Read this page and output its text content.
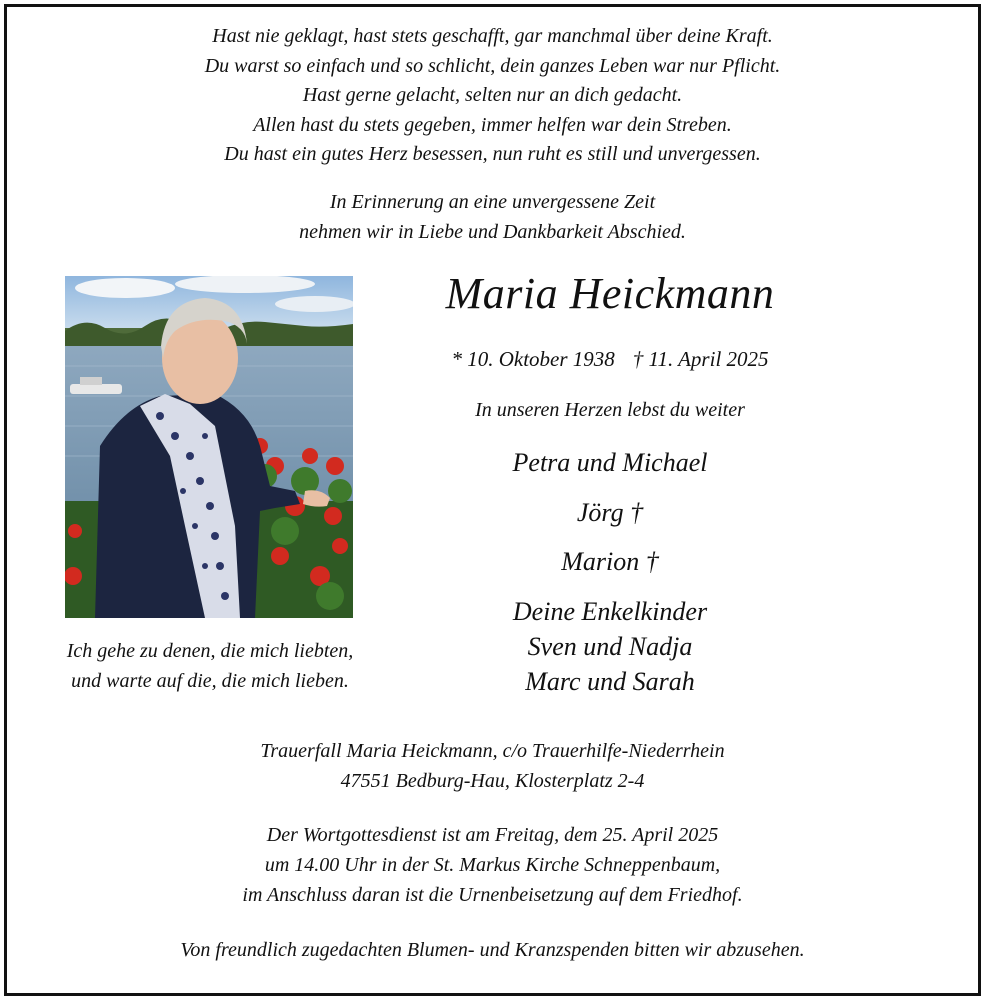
Hast nie geklagt, hast stets geschafft, gar manchmal über deine Kraft.
Du warst so einfach und so schlicht, dein ganzes Leben war nur Pflicht.
Hast gerne gelacht, selten nur an dich gedacht.
Allen hast du stets gegeben, immer helfen war dein Streben.
Du hast ein gutes Herz besessen, nun ruht es still und unvergessen.
In Erinnerung an eine unvergessene Zeit
nehmen wir in Liebe und Dankbarkeit Abschied.
Ich gehe zu denen, die mich liebten,
und warte auf die, die mich lieben.
Maria Heickmann
* 10. Oktober 1938 † 11. April 2025
In unseren Herzen lebst du weiter
Petra und Michael
Jörg †
Marion †
Deine Enkelkinder
Sven und Nadja
Marc und Sarah
Trauerfall Maria Heickmann, c/o Trauerhilfe-Niederrhein
47551 Bedburg-Hau, Klosterplatz 2-4
Der Wortgottesdienst ist am Freitag, dem 25. April 2025
um 14.00 Uhr in der St. Markus Kirche Schneppenbaum,
im Anschluss daran ist die Urnenbeisetzung auf dem Friedhof.
Von freundlich zugedachten Blumen- und Kranzspenden bitten wir abzusehen.
